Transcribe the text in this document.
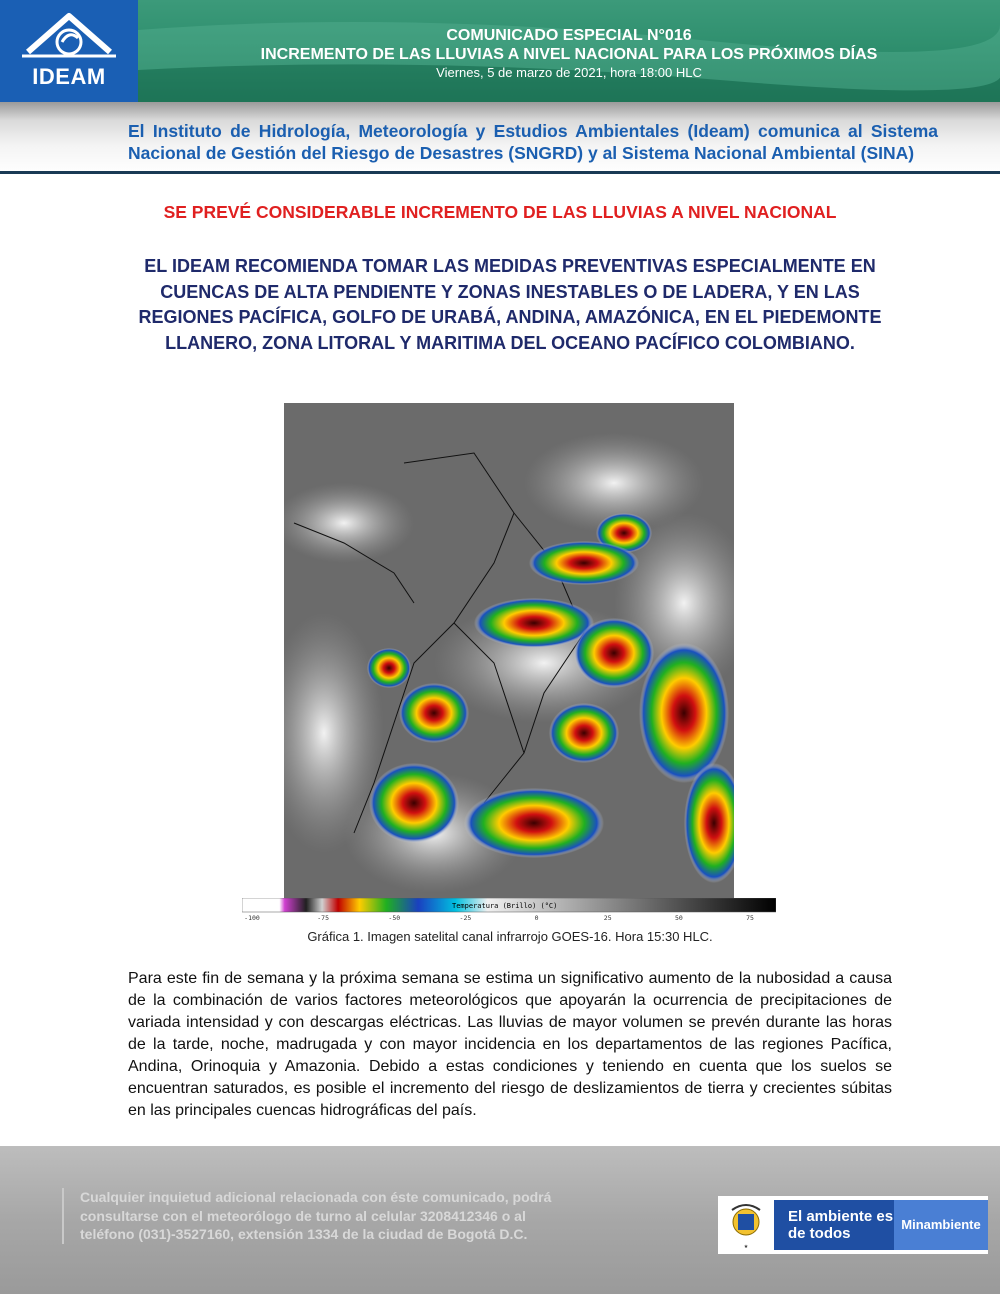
IDEAM
COMUNICADO ESPECIAL N°016
INCREMENTO DE LAS LLUVIAS A NIVEL NACIONAL PARA LOS PRÓXIMOS DÍAS
Viernes, 5 de marzo de 2021, hora 18:00 HLC
El Instituto de Hidrología, Meteorología y Estudios Ambientales (Ideam) comunica al Sistema Nacional de Gestión del Riesgo de Desastres (SNGRD) y al Sistema Nacional Ambiental (SINA)
SE PREVÉ CONSIDERABLE INCREMENTO DE LAS LLUVIAS A NIVEL NACIONAL
EL IDEAM RECOMIENDA TOMAR LAS MEDIDAS PREVENTIVAS ESPECIALMENTE EN CUENCAS DE ALTA PENDIENTE Y ZONAS INESTABLES O DE LADERA, Y EN LAS REGIONES PACÍFICA, GOLFO DE URABÁ, ANDINA, AMAZÓNICA, EN EL PIEDEMONTE LLANERO, ZONA LITORAL Y MARITIMA DEL OCEANO PACÍFICO COLOMBIANO.
Temperatura (Brillo) (°C)
-100	-75	-50	-25	0	25	50	75
Gráfica 1. Imagen satelital canal infrarrojo GOES-16. Hora 15:30 HLC.
Para este fin de semana y la próxima semana se estima un significativo aumento de la nubosidad a causa de la combinación de varios factores meteorológicos que apoyarán la ocurrencia de precipitaciones de variada intensidad y con descargas eléctricas. Las lluvias de mayor volumen se prevén durante las horas de la tarde, noche, madrugada y con mayor incidencia en los departamentos de las regiones Pacífica, Andina, Orinoquia y Amazonia. Debido a estas condiciones y teniendo en cuenta que los suelos se encuentran saturados, es posible el incremento del riesgo de deslizamientos de tierra y crecientes súbitas en las principales cuencas hidrográficas del país.
Cualquier inquietud adicional relacionada con éste comunicado, podrá consultarse con el meteorólogo de turno al celular 3208412346 o al teléfono (031)-3527160, extensión 1334 de la ciudad de Bogotá D.C.
★
El ambiente es de todos
Minambiente
